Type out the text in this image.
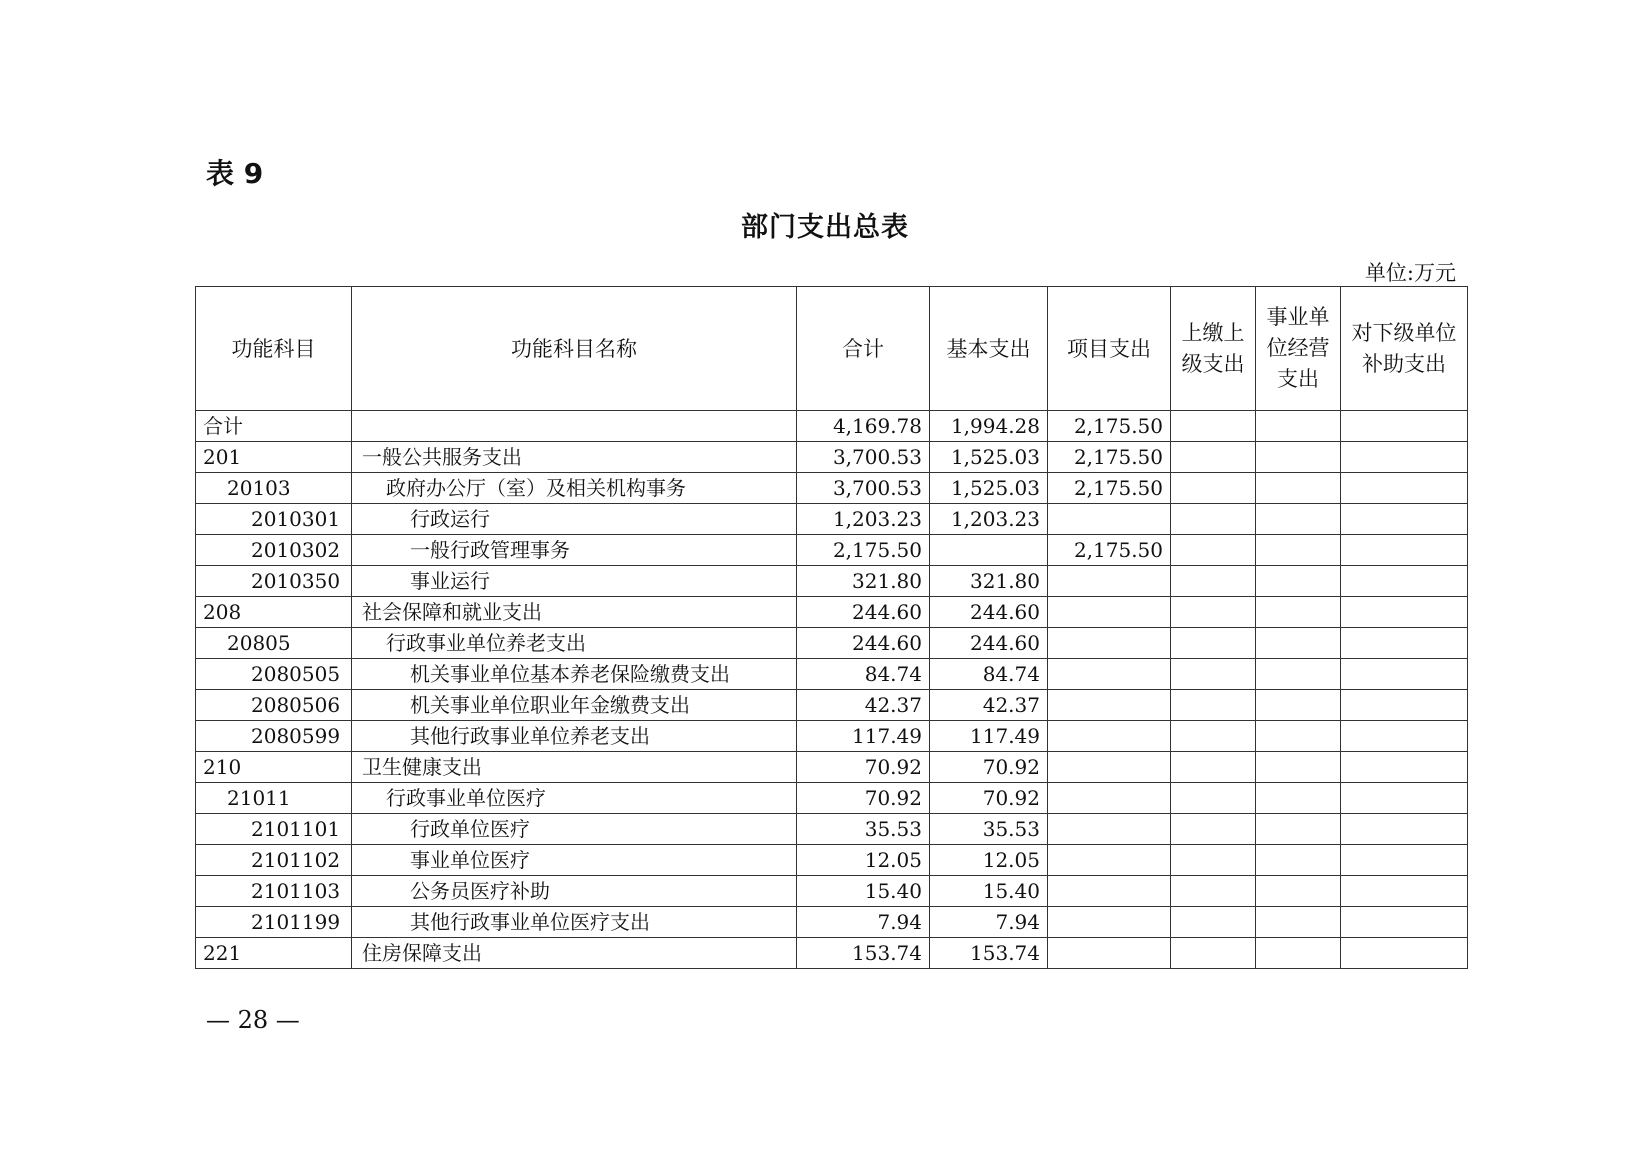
表 9
部门支出总表
单位:万元
功能科目	功能科目名称	合计	基本支出	项目支出	上缴上级支出	事业单位经营支出	对下级单位补助支出
合计		4,169.78	1,994.28	2,175.50			
201	一般公共服务支出	3,700.53	1,525.03	2,175.50			
20103	政府办公厅（室）及相关机构事务	3,700.53	1,525.03	2,175.50			
2010301	行政运行	1,203.23	1,203.23				
2010302	一般行政管理事务	2,175.50		2,175.50			
2010350	事业运行	321.80	321.80				
208	社会保障和就业支出	244.60	244.60				
20805	行政事业单位养老支出	244.60	244.60				
2080505	机关事业单位基本养老保险缴费支出	84.74	84.74				
2080506	机关事业单位职业年金缴费支出	42.37	42.37				
2080599	其他行政事业单位养老支出	117.49	117.49				
210	卫生健康支出	70.92	70.92				
21011	行政事业单位医疗	70.92	70.92				
2101101	行政单位医疗	35.53	35.53				
2101102	事业单位医疗	12.05	12.05				
2101103	公务员医疗补助	15.40	15.40				
2101199	其他行政事业单位医疗支出	7.94	7.94				
221	住房保障支出	153.74	153.74				
— 28 —
